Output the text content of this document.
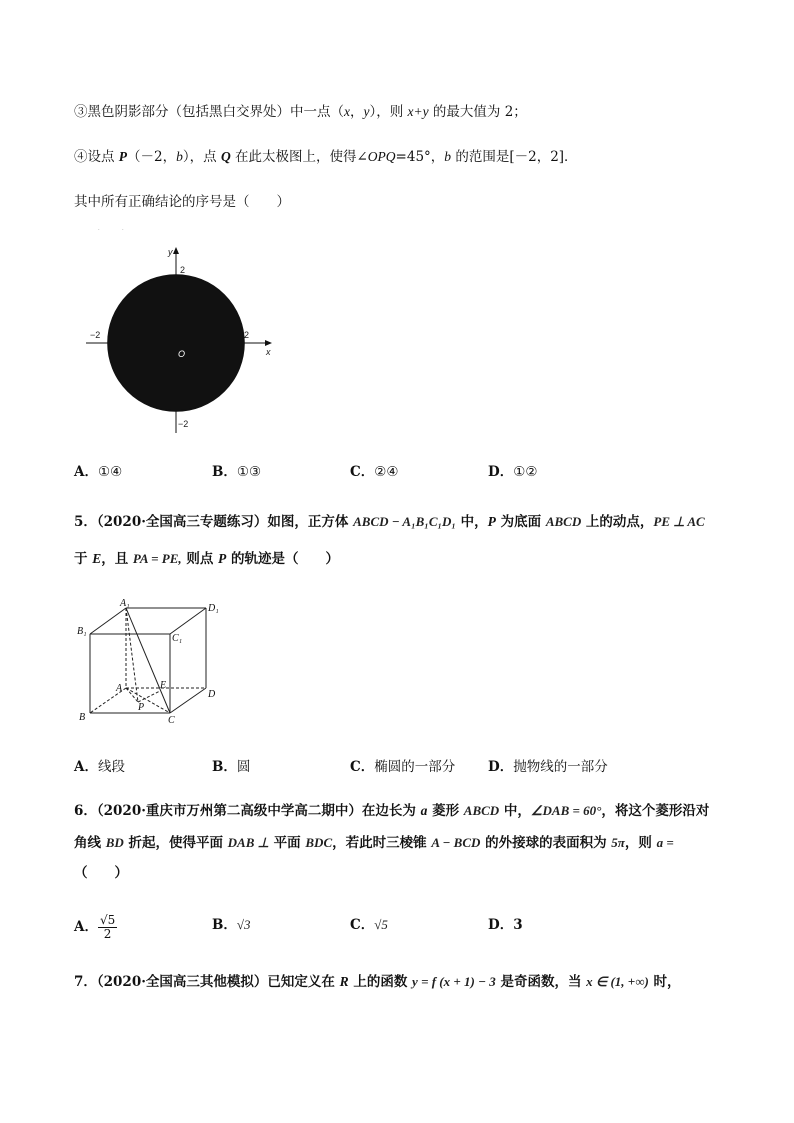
③黑色阴影部分（包括黑白交界处）中一点（x，y），则 x+y 的最大值为 2；
④设点 P（－2，b），点 Q 在此太极图上，使得∠OPQ=45°，b 的范围是[－2，2]．
其中所有正确结论的序号是（　　）
.	.
y
x
O
2
2
−2
−2
A．①④	B．①③	C．②④	D．①②
5．（2020·全国高三专题练习）如图，正方体 ABCD − A₁B₁C₁D₁ 中，P 为底面 ABCD 上的动点，PE ⊥ AC
于 E，且 PA = PE, 则点 P 的轨迹是（　　）
A₁	D₁
B₁
C₁
A	E
D
P
B	C
A．线段	B．圆	C．椭圆的一部分 D．抛物线的一部分
6．（2020·重庆市万州第二高级中学高二期中）在边长为 a 菱形 ABCD 中，∠DAB = 60°，将这个菱形沿对
角线 BD 折起，使得平面 DAB ⊥ 平面 BDC，若此时三棱锥 A − BCD 的外接球的表面积为 5π，则 a =
（　　）
A． $\frac{√5}{2}$	B．√3	C．√5	D．3
7．（2020·全国高三其他模拟）已知定义在 R 上的函数 y = f (x + 1) − 3 是奇函数，当 x ∈ (1, +∞) 时，
